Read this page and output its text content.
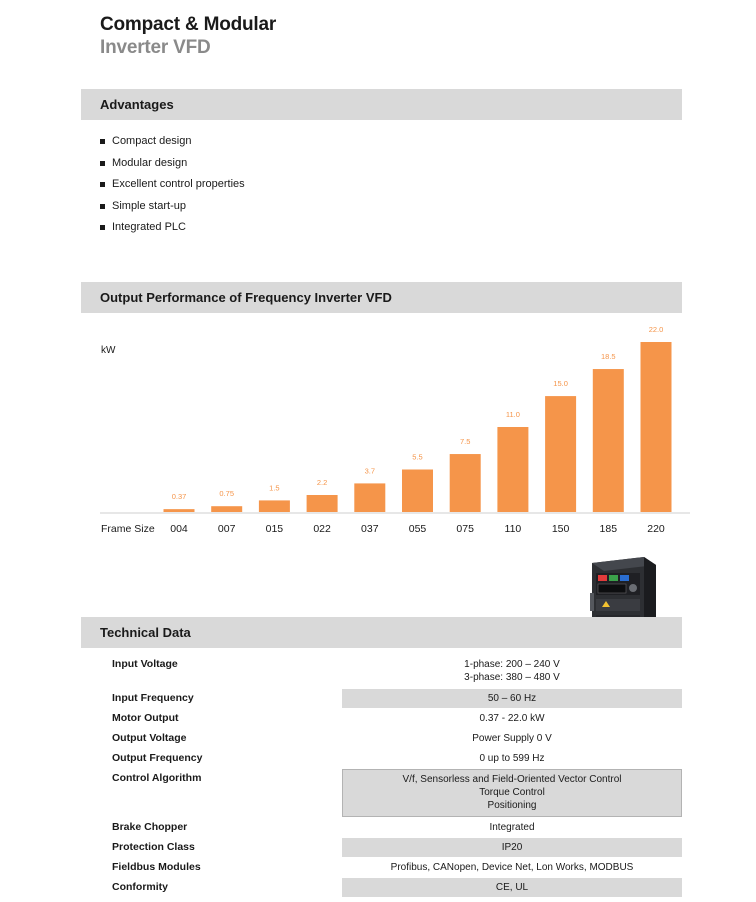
Compact & Modular
Inverter VFD
Advantages
Compact design
Modular design
Excellent control properties
Simple start-up
Integrated PLC
Output Performance of Frequency Inverter VFD
kW
Frame Size
0.37
004
0.75
007
1.5
015
2.2
022
3.7
037
5.5
055
7.5
075
11.0
110
15.0
150
18.5
185
22.0
220
Technical Data
Input Voltage	1-phase: 200 – 240 V
3-phase: 380 – 480 V
Input Frequency	50 – 60 Hz
Motor Output	0.37 - 22.0 kW
Output Voltage	Power Supply 0 V
Output Frequency	0 up to 599 Hz
Control Algorithm	V/f, Sensorless and Field-Oriented Vector Control
Torque Control
Positioning
Brake Chopper	Integrated
Protection Class	IP20
Fieldbus Modules	Profibus, CANopen, Device Net, Lon Works, MODBUS
Conformity	CE, UL
